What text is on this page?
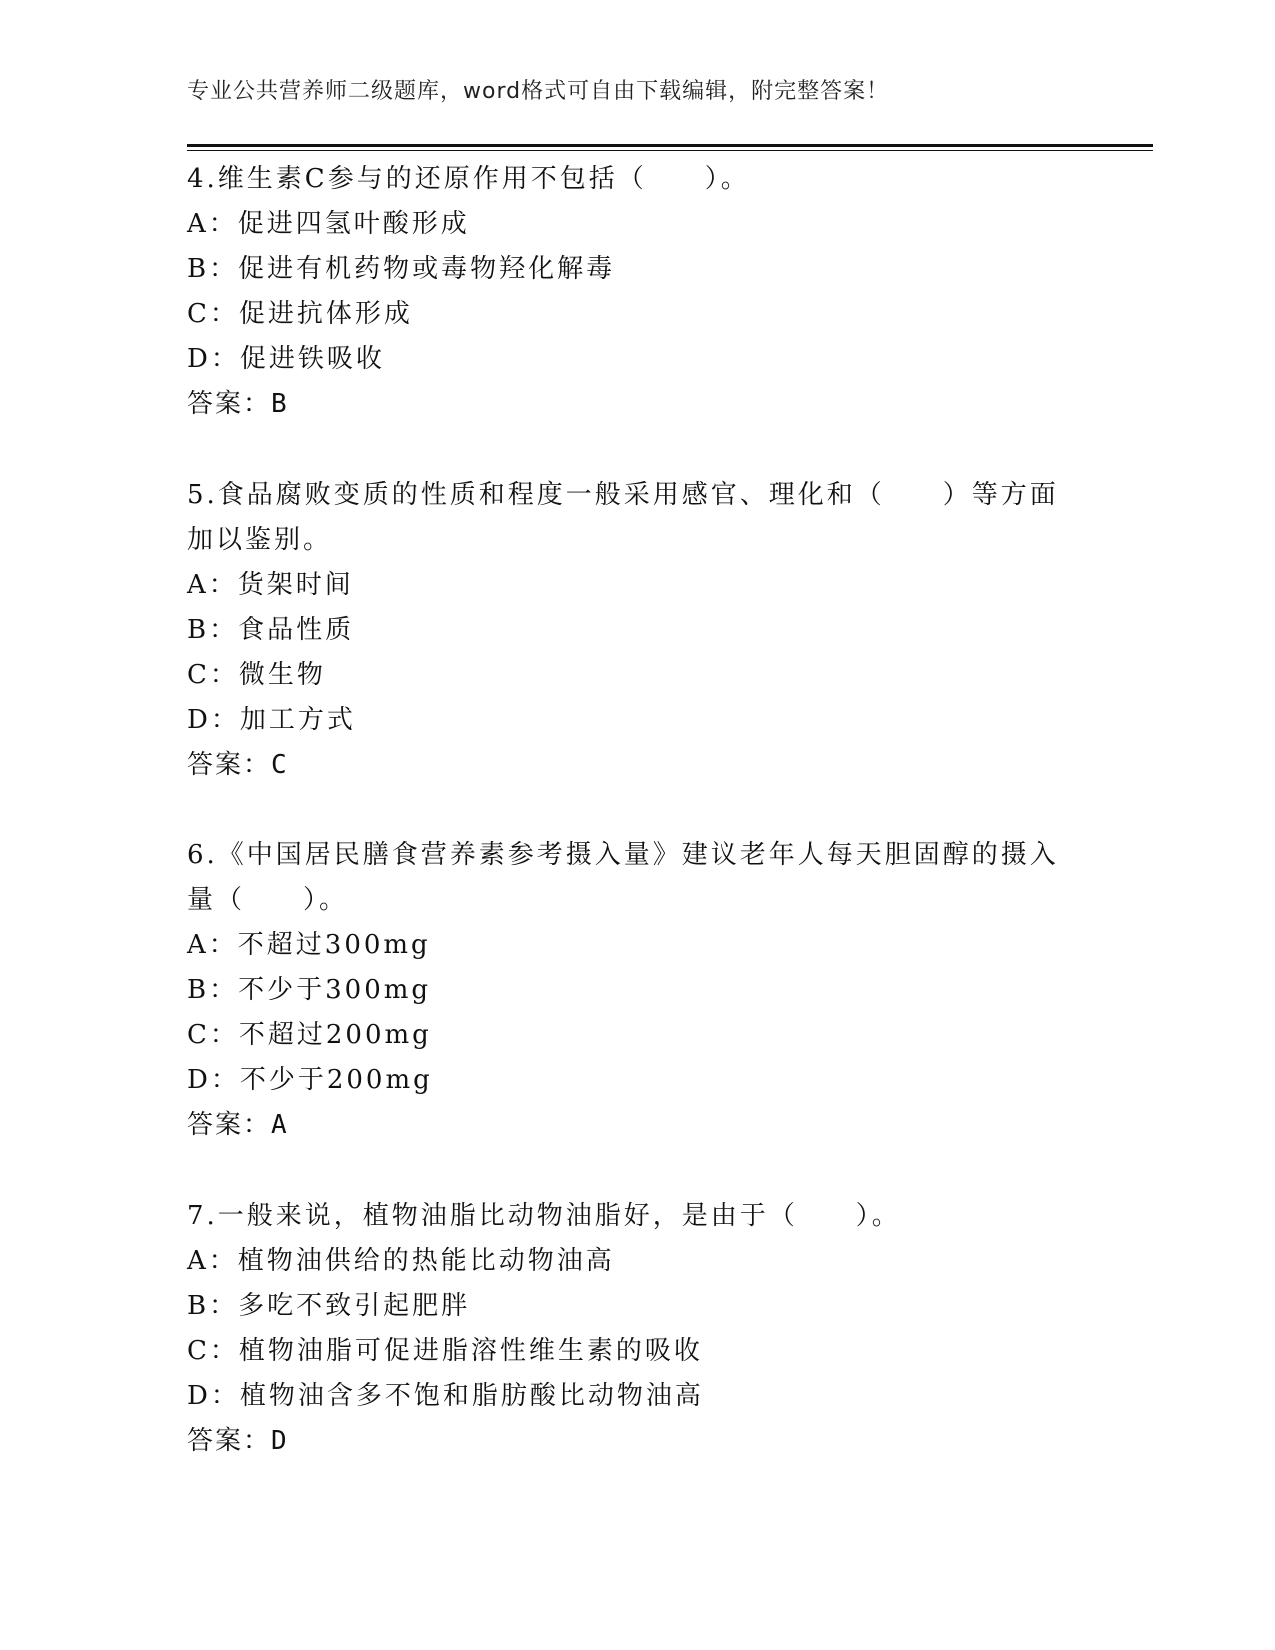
专业公共营养师二级题库，word格式可自由下载编辑，附完整答案！
4.维生素C参与的还原作用不包括（　　）。
A：促进四氢叶酸形成
B：促进有机药物或毒物羟化解毒
C：促进抗体形成
D：促进铁吸收
答案：B
5.食品腐败变质的性质和程度一般采用感官、理化和（　　）等方面
加以鉴别。
A：货架时间
B：食品性质
C：微生物
D：加工方式
答案：C
6.《中国居民膳食营养素参考摄入量》建议老年人每天胆固醇的摄入
量（　　）。
A：不超过300mg
B：不少于300mg
C：不超过200mg
D：不少于200mg
答案：A
7.一般来说，植物油脂比动物油脂好，是由于（　　）。
A：植物油供给的热能比动物油高
B：多吃不致引起肥胖
C：植物油脂可促进脂溶性维生素的吸收
D：植物油含多不饱和脂肪酸比动物油高
答案：D
